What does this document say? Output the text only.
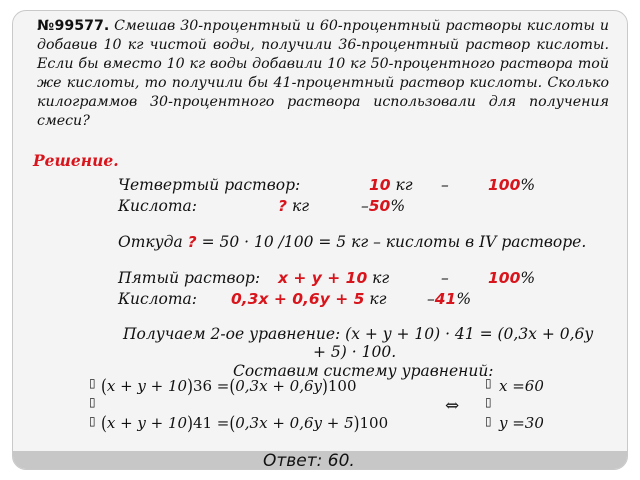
№99577. Смешав 30-процентный и 60-процентный растворы кислоты и добавив 10 кг чистой воды, получили 36-процентный раствор кислоты. Если бы вместо 10 кг воды добавили 10 кг 50-процентного раствора той же кислоты, то получили бы 41-процентный раствор кислоты. Сколько килограммов 30-процентного раствора использовали для получения смеси?
Решение.
Четвертый раствор:	10 кг –	100%
Кислота:	? кг	–50%
Откуда ? = 50 · 10 /100 = 5 кг – кислоты в IV растворе.
Пятый раствор: x + y + 10 кг	–	100%
Кислота: 0,3x + 0,6y + 5 кг	–41%
Получаем 2-ое уравнение: (x + y + 10) · 41 = (0,3x + 0,6y
+ 5) · 100.
Составим систему уравнений:
▯
▯
▯
(x + y + 10)36 =(0,3x + 0,6y)100
(x + y + 10)41 =(0,3x + 0,6y + 5)100
⇔
▯
▯
▯
x =60
y =30
Ответ: 60.
